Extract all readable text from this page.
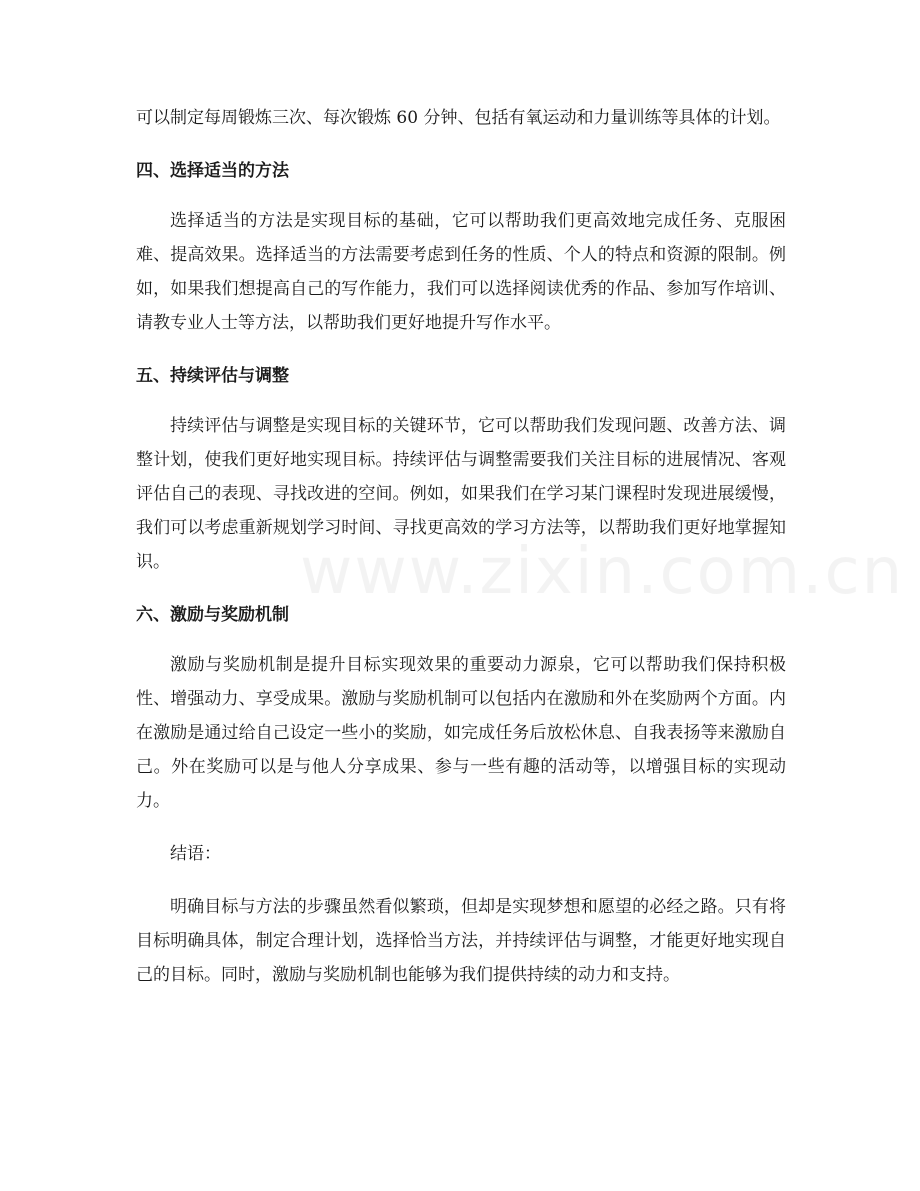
www.zixin.com.cn

可以制定每周锻炼三次、每次锻炼 60 分钟、包括有氧运动和力量训练等具体的计划。

四、选择适当的方法

选择适当的方法是实现目标的基础，它可以帮助我们更高效地完成任务、克服困难、提高效果。选择适当的方法需要考虑到任务的性质、个人的特点和资源的限制。例如，如果我们想提高自己的写作能力，我们可以选择阅读优秀的作品、参加写作培训、请教专业人士等方法，以帮助我们更好地提升写作水平。

五、持续评估与调整

持续评估与调整是实现目标的关键环节，它可以帮助我们发现问题、改善方法、调整计划，使我们更好地实现目标。持续评估与调整需要我们关注目标的进展情况、客观评估自己的表现、寻找改进的空间。例如，如果我们在学习某门课程时发现进展缓慢，我们可以考虑重新规划学习时间、寻找更高效的学习方法等，以帮助我们更好地掌握知识。

六、激励与奖励机制

激励与奖励机制是提升目标实现效果的重要动力源泉，它可以帮助我们保持积极性、增强动力、享受成果。激励与奖励机制可以包括内在激励和外在奖励两个方面。内在激励是通过给自己设定一些小的奖励，如完成任务后放松休息、自我表扬等来激励自己。外在奖励可以是与他人分享成果、参与一些有趣的活动等，以增强目标的实现动力。

结语：

明确目标与方法的步骤虽然看似繁琐，但却是实现梦想和愿望的必经之路。只有将目标明确具体，制定合理计划，选择恰当方法，并持续评估与调整，才能更好地实现自己的目标。同时，激励与奖励机制也能够为我们提供持续的动力和支持。
